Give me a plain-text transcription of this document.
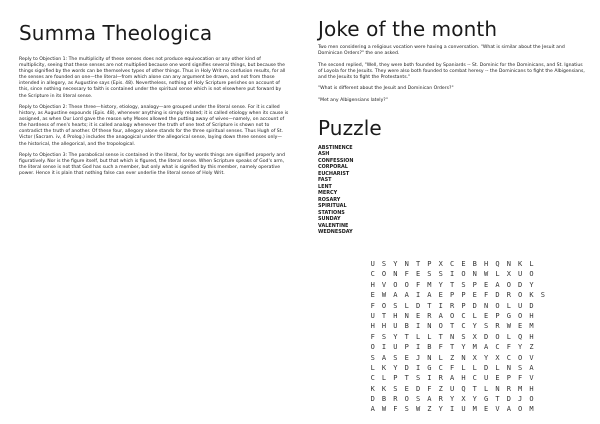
Summa Theologica

Reply to Objection 1: The multiplicity of these senses does not produce equivocation or any other kind of multiplicity, seeing that these senses are not multiplied because one word signifies several things, but because the things signified by the words can be themselves types of other things. Thus in Holy Writ no confusion results, for all the senses are founded on one—the literal—from which alone can any argument be drawn, and not from those intended in allegory, as Augustine says (Epis. 48). Nevertheless, nothing of Holy Scripture perishes on account of this, since nothing necessary to faith is contained under the spiritual sense which is not elsewhere put forward by the Scripture in its literal sense.

Reply to Objection 2: These three—history, etiology, analogy—are grouped under the literal sense. For it is called history, as Augustine expounds (Epis. 48), whenever anything is simply related; it is called etiology when its cause is assigned, as when Our Lord gave the reason why Moses allowed the putting away of wives—namely, on account of the hardness of men's hearts; it is called analogy whenever the truth of one text of Scripture is shown not to contradict the truth of another. Of these four, allegory alone stands for the three spiritual senses. Thus Hugh of St. Victor (Sacram. iv, 4 Prolog.) includes the anagogical under the allegorical sense, laying down three senses only—the historical, the allegorical, and the tropological.

Reply to Objection 3: The parabolical sense is contained in the literal, for by words things are signified properly and figuratively. Nor is the figure itself, but that which is figured, the literal sense. When Scripture speaks of God's arm, the literal sense is not that God has such a member, but only what is signified by this member, namely operative power. Hence it is plain that nothing false can ever underlie the literal sense of Holy Writ.

Joke of the month

Two men considering a religious vocation were having a conversation. "What is similar about the Jesuit and Dominican Orders?" the one asked.

The second replied, "Well, they were both founded by Spaniards -- St. Dominic for the Dominicans, and St. Ignatius of Loyola for the Jesuits. They were also both founded to combat heresy -- the Dominicans to fight the Albigensians, and the Jesuits to fight the Protestants."

"What is different about the Jesuit and Dominican Orders?"

"Met any Albigensians lately?"

Puzzle
ABSTINENCE
ASH
CONFESSION
CORPORAL
EUCHARIST
FAST
LENT
MERCY
ROSARY
SPIRITUAL
STATIONS
SUNDAY
VALENTINE
WEDNESDAY
U S Y N T P X C E B H Q N K L
C O N F E S S I O N W L X U O
H V O O F M Y T S P E A O D Y
E W A A I A E P P E F D R O K S
F O S L D T I R P D N O L U D
U T H N E R A O C L E P G O H
H H U B I N O T C Y S R W E M
F S Y T L L T N S X D O L Q H
O I U P I B F T Y M A C F Y Z
S A S E J N L Z N X Y X C O V
L K Y D I G C F L L D L N S A
C L P T S I R A H C U E P F V
K K S E D F Z U Q T L N R M H
D B R O S A R Y X Y G T D J O
A W F S W Z Y I U M E V A O M
